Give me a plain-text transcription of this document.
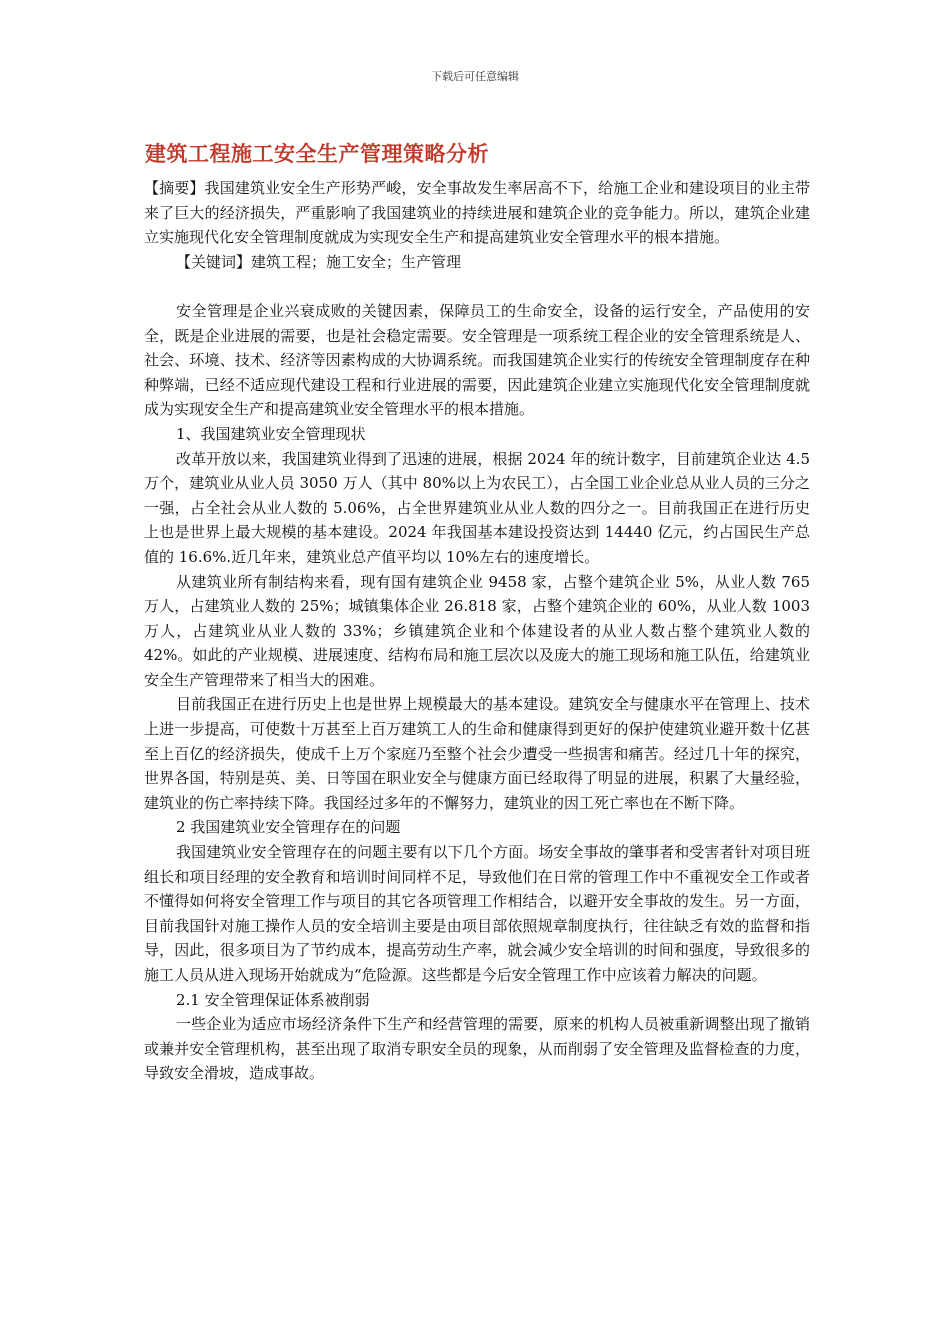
下载后可任意编辑
建筑工程施工安全生产管理策略分析

【摘要】我国建筑业安全生产形势严峻，安全事故发生率居高不下，给施工企业和建设项目的业主带来了巨大的经济损失，严重影响了我国建筑业的持续进展和建筑企业的竞争能力。所以，建筑企业建立实施现代化安全管理制度就成为实现安全生产和提高建筑业安全管理水平的根本措施。

【关键词】建筑工程；施工安全；生产管理

安全管理是企业兴衰成败的关键因素，保障员工的生命安全，设备的运行安全，产品使用的安全，既是企业进展的需要，也是社会稳定需要。安全管理是一项系统工程企业的安全管理系统是人、社会、环境、技术、经济等因素构成的大协调系统。而我国建筑企业实行的传统安全管理制度存在种种弊端，已经不适应现代建设工程和行业进展的需要，因此建筑企业建立实施现代化安全管理制度就成为实现安全生产和提高建筑业安全管理水平的根本措施。

1、我国建筑业安全管理现状

改革开放以来，我国建筑业得到了迅速的进展，根据 2024 年的统计数字，目前建筑企业达 4.5 万个，建筑业从业人员 3050 万人（其中 80%以上为农民工），占全国工业企业总从业人员的三分之一强，占全社会从业人数的 5.06%，占全世界建筑业从业人数的四分之一。目前我国正在进行历史上也是世界上最大规模的基本建设。2024 年我国基本建设投资达到 14440 亿元，约占国民生产总值的 16.6%.近几年来，建筑业总产值平均以 10%左右的速度增长。

从建筑业所有制结构来看，现有国有建筑企业 9458 家，占整个建筑企业 5%，从业人数 765 万人，占建筑业人数的 25%；城镇集体企业 26.818 家，占整个建筑企业的 60%，从业人数 1003 万人，占建筑业从业人数的 33%；乡镇建筑企业和个体建设者的从业人数占整个建筑业人数的 42%。如此的产业规模、进展速度、结构布局和施工层次以及庞大的施工现场和施工队伍，给建筑业安全生产管理带来了相当大的困难。

目前我国正在进行历史上也是世界上规模最大的基本建设。建筑安全与健康水平在管理上、技术上进一步提高，可使数十万甚至上百万建筑工人的生命和健康得到更好的保护使建筑业避开数十亿甚至上百亿的经济损失，使成千上万个家庭乃至整个社会少遭受一些损害和痛苦。经过几十年的探究，世界各国，特别是英、美、日等国在职业安全与健康方面已经取得了明显的进展，积累了大量经验，建筑业的伤亡率持续下降。我国经过多年的不懈努力，建筑业的因工死亡率也在不断下降。

2 我国建筑业安全管理存在的问题

我国建筑业安全管理存在的问题主要有以下几个方面。场安全事故的肇事者和受害者针对项目班组长和项目经理的安全教育和培训时间同样不足，导致他们在日常的管理工作中不重视安全工作或者不懂得如何将安全管理工作与项目的其它各项管理工作相结合，以避开安全事故的发生。另一方面，目前我国针对施工操作人员的安全培训主要是由项目部依照规章制度执行，往往缺乏有效的监督和指导，因此，很多项目为了节约成本，提高劳动生产率，就会减少安全培训的时间和强度，导致很多的施工人员从进入现场开始就成为“危险源。这些都是今后安全管理工作中应该着力解决的问题。

2.1 安全管理保证体系被削弱

一些企业为适应市场经济条件下生产和经营管理的需要，原来的机构人员被重新调整出现了撤销或兼并安全管理机构，甚至出现了取消专职安全员的现象，从而削弱了安全管理及监督检查的力度，导致安全滑坡，造成事故。
